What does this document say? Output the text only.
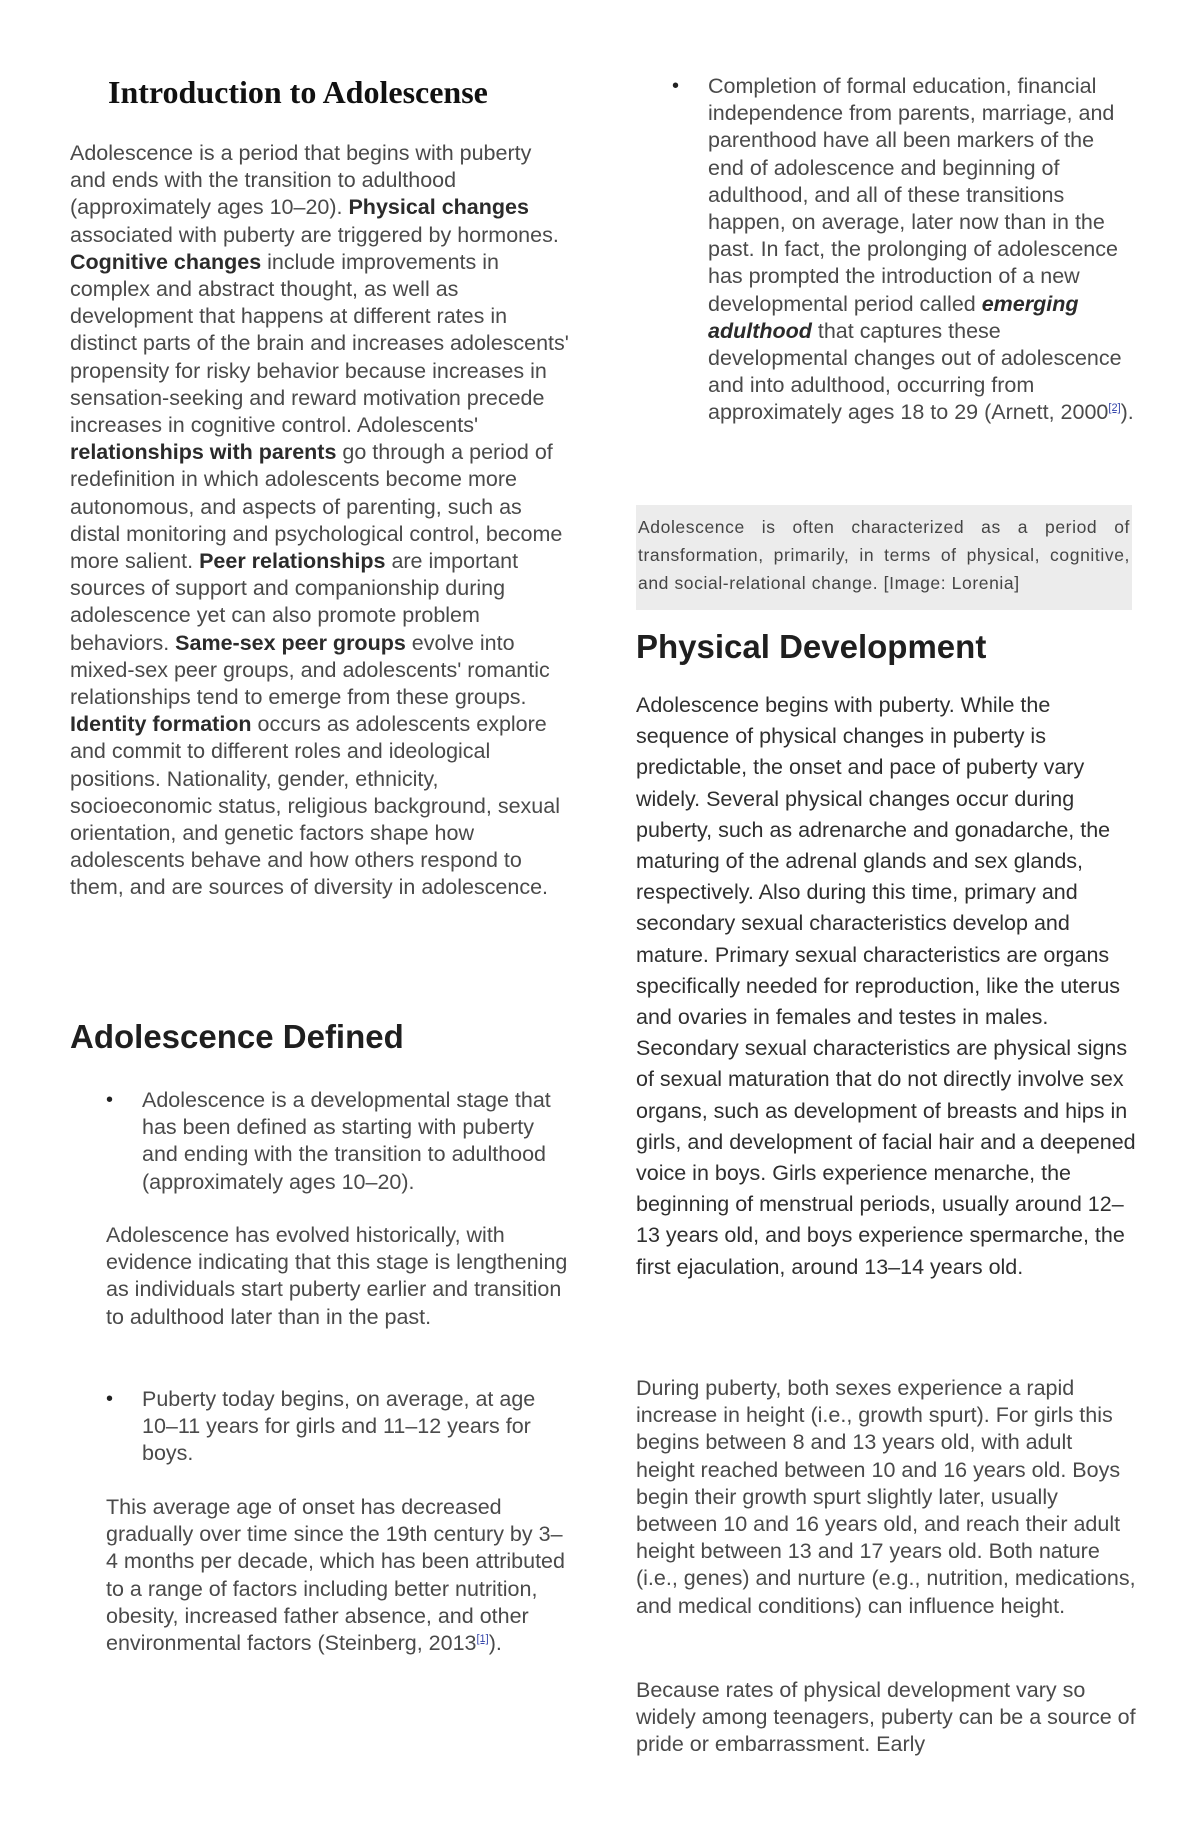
Introduction to Adolescense

Adolescence is a period that begins with puberty and ends with the transition to adulthood (approximately ages 10–20). Physical changes associated with puberty are triggered by hormones. Cognitive changes include improvements in complex and abstract thought, as well as development that happens at different rates in distinct parts of the brain and increases adolescents' propensity for risky behavior because increases in sensation-seeking and reward motivation precede increases in cognitive control. Adolescents' relationships with parents go through a period of redefinition in which adolescents become more autonomous, and aspects of parenting, such as distal monitoring and psychological control, become more salient. Peer relationships are important sources of support and companionship during adolescence yet can also promote problem behaviors. Same-sex peer groups evolve into mixed-sex peer groups, and adolescents' romantic relationships tend to emerge from these groups. Identity formation occurs as adolescents explore and commit to different roles and ideological positions. Nationality, gender, ethnicity, socioeconomic status, religious background, sexual orientation, and genetic factors shape how adolescents behave and how others respond to them, and are sources of diversity in adolescence.

Adolescence Defined
• Adolescence is a developmental stage that has been defined as starting with puberty and ending with the transition to adulthood (approximately ages 10–20).

Adolescence has evolved historically, with evidence indicating that this stage is lengthening as individuals start puberty earlier and transition to adulthood later than in the past.

• Puberty today begins, on average, at age 10–11 years for girls and 11–12 years for boys.

This average age of onset has decreased gradually over time since the 19th century by 3–4 months per decade, which has been attributed to a range of factors including better nutrition, obesity, increased father absence, and other environmental factors (Steinberg, 2013[1]).

• Completion of formal education, financial independence from parents, marriage, and parenthood have all been markers of the end of adolescence and beginning of adulthood, and all of these transitions happen, on average, later now than in the past. In fact, the prolonging of adolescence has prompted the introduction of a new developmental period called emerging adulthood that captures these developmental changes out of adolescence and into adulthood, occurring from approximately ages 18 to 29 (Arnett, 2000[2]).

Adolescence is often characterized as a period of transformation, primarily, in terms of physical, cognitive, and social-relational change. [Image: Lorenia]

Physical Development

Adolescence begins with puberty. While the sequence of physical changes in puberty is predictable, the onset and pace of puberty vary widely. Several physical changes occur during puberty, such as adrenarche and gonadarche, the maturing of the adrenal glands and sex glands, respectively. Also during this time, primary and secondary sexual characteristics develop and mature. Primary sexual characteristics are organs specifically needed for reproduction, like the uterus and ovaries in females and testes in males. Secondary sexual characteristics are physical signs of sexual maturation that do not directly involve sex organs, such as development of breasts and hips in girls, and development of facial hair and a deepened voice in boys. Girls experience menarche, the beginning of menstrual periods, usually around 12–13 years old, and boys experience spermarche, the first ejaculation, around 13–14 years old.

During puberty, both sexes experience a rapid increase in height (i.e., growth spurt). For girls this begins between 8 and 13 years old, with adult height reached between 10 and 16 years old. Boys begin their growth spurt slightly later, usually between 10 and 16 years old, and reach their adult height between 13 and 17 years old. Both nature (i.e., genes) and nurture (e.g., nutrition, medications, and medical conditions) can influence height.

Because rates of physical development vary so widely among teenagers, puberty can be a source of pride or embarrassment. Early
